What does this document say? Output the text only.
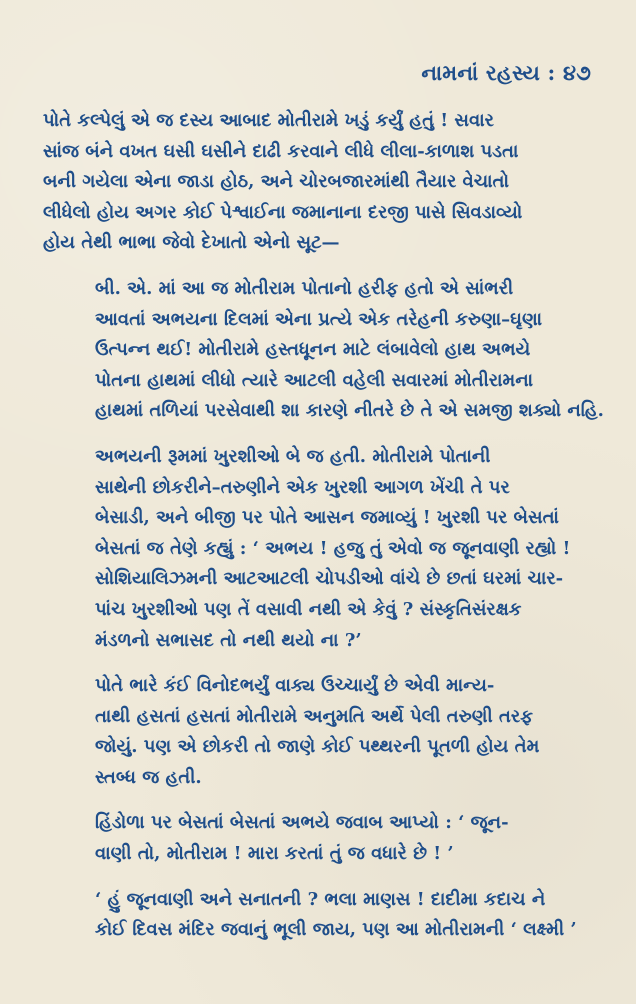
નામનાં રહસ્ય : ૪૭

પોતે કલ્પેલું એ જ દસ્ય આબાદ મોતીરામે ખડું કર્યું હતું ! સવાર
સાંજ બંને વખત ઘસી ઘસીને દાઢી કરવાને લીધે લીલા-કાળાશ પડતા
બની ગયેલા એના જાડા હોઠ, અને ચોરબજારમાંથી તૈયાર વેચાતો
લીધેલો હોય અગર કોઈ પેશ્વાઈના જમાનાના દરજી પાસે સિવડાવ્યો
હોય તેથી ભાભા જેવો દેખાતો એનો સૂટ—

બી. એ. માં આ જ મોતીરામ પોતાનો હરીફ હતો એ સાંભરી
આવતાં અભયના દિલમાં એના પ્રત્યે એક તરેહની કરુણા–ઘૃણા
ઉત્પન્ન થઈ! મોતીરામે હસ્તધૂનન માટે લંબાવેલો હાથ અભયે
પોતના હાથમાં લીધો ત્યારે આટલી વહેલી સવારમાં મોતીરામના
હાથમાં તળિયાં પરસેવાથી શા કારણે નીતરે છે તે એ સમજી શક્યો નહિ.

અભયની રૂમમાં ખુરશીઓ બે જ હતી. મોતીરામે પોતાની
સાથેની છોકરીને–તરુણીને એક ખુરશી આગળ ખેંચી તે પર
બેસાડી, અને બીજી પર પોતે આસન જમાવ્યું ! ખુરશી પર બેસતાં
બેસતાં જ તેણે કહ્યું : ‘ અભય ! હજુ તું એવો જ જૂનવાણી રહ્યો !
સોશિયાલિઝમની આટઆટલી ચોપડીઓ વાંચે છે છતાં ઘરમાં ચાર-
પાંચ ખુરશીઓ પણ તેં વસાવી નથી એ કેવું ? સંસ્કૃતિસંરક્ષક
મંડળનો સભાસદ તો નથી થયો ના ?’

પોતે ભારે કંઈ વિનોદભર્યું વાક્ય ઉચ્ચાર્યું છે એવી માન્ય-
તાથી હસતાં હસતાં મોતીરામે અનુમતિ અર્થે પેલી તરુણી તરફ
જોયું. પણ એ છોકરી તો જાણે કોઈ પથ્થરની પૂતળી હોય તેમ
સ્તબ્ધ જ હતી.

હિંડોળા પર બેસતાં બેસતાં અભયે જવાબ આપ્યો : ‘ જૂન-
વાણી તો, મોતીરામ ! મારા કરતાં તું જ વધારે છે ! ’

‘ હું જૂનવાણી અને સનાતની ? ભલા માણસ ! દાદીમા કદાચ ને
કોઈ દિવસ મંદિર જવાનું ભૂલી જાય, પણ આ મોતીરામની ‘ લક્ષ્મી ’
